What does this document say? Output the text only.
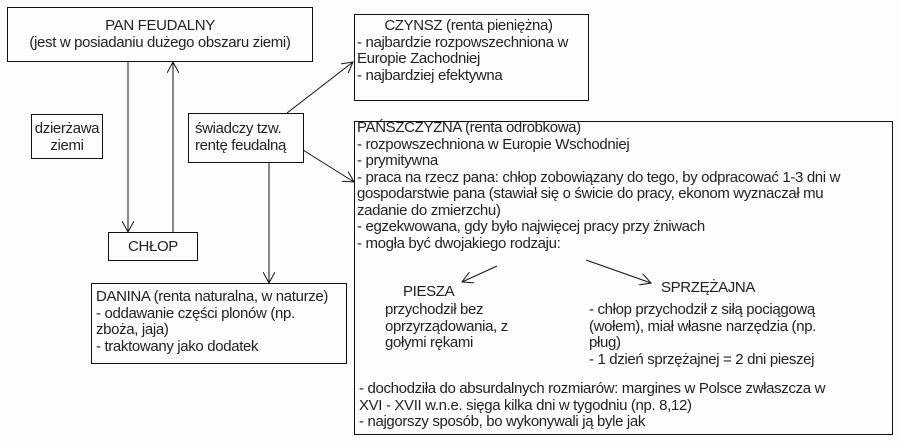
PAN FEUDALNY
(jest w posiadaniu dużego obszaru ziemi)
dzierżawa
ziemi
świadczy tzw.
rentę feudalną
CHŁOP
CZYNSZ (renta pieniężna)
- najbardzie rozpowszechniona w
Europie Zachodniej
- najbardziej efektywna
DANINA (renta naturalna, w naturze)
- oddawanie części plonów (np.
zboża, jaja)
- traktowany jako dodatek
PAŃSZCZYZNA (renta odrobkowa)
- rozpowszechniona w Europie Wschodniej
- prymitywna
- praca na rzecz pana: chłop zobowiązany do tego, by odpracować 1-3 dni w
gospodarstwie pana (stawiał się o świcie do pracy, ekonom wyznaczał mu
zadanie do zmierzchu)
- egzekwowana, gdy było najwięcej pracy przy żniwach
- mogła być dwojakiego rodzaju:
PIESZA
przychodził bez
oprzyrządowania, z
gołymi rękami
SPRZĘŻAJNA
- chłop przychodził z siłą pociągową
(wołem), miał własne narzędzia (np.
pług)
- 1 dzień sprzężajnej = 2 dni pieszej
- dochodziła do absurdalnych rozmiarów: margines w Polsce zwłaszcza w
XVI - XVII w.n.e. sięga kilka dni w tygodniu (np. 8,12)
- najgorszy sposób, bo wykonywali ją byle jak
